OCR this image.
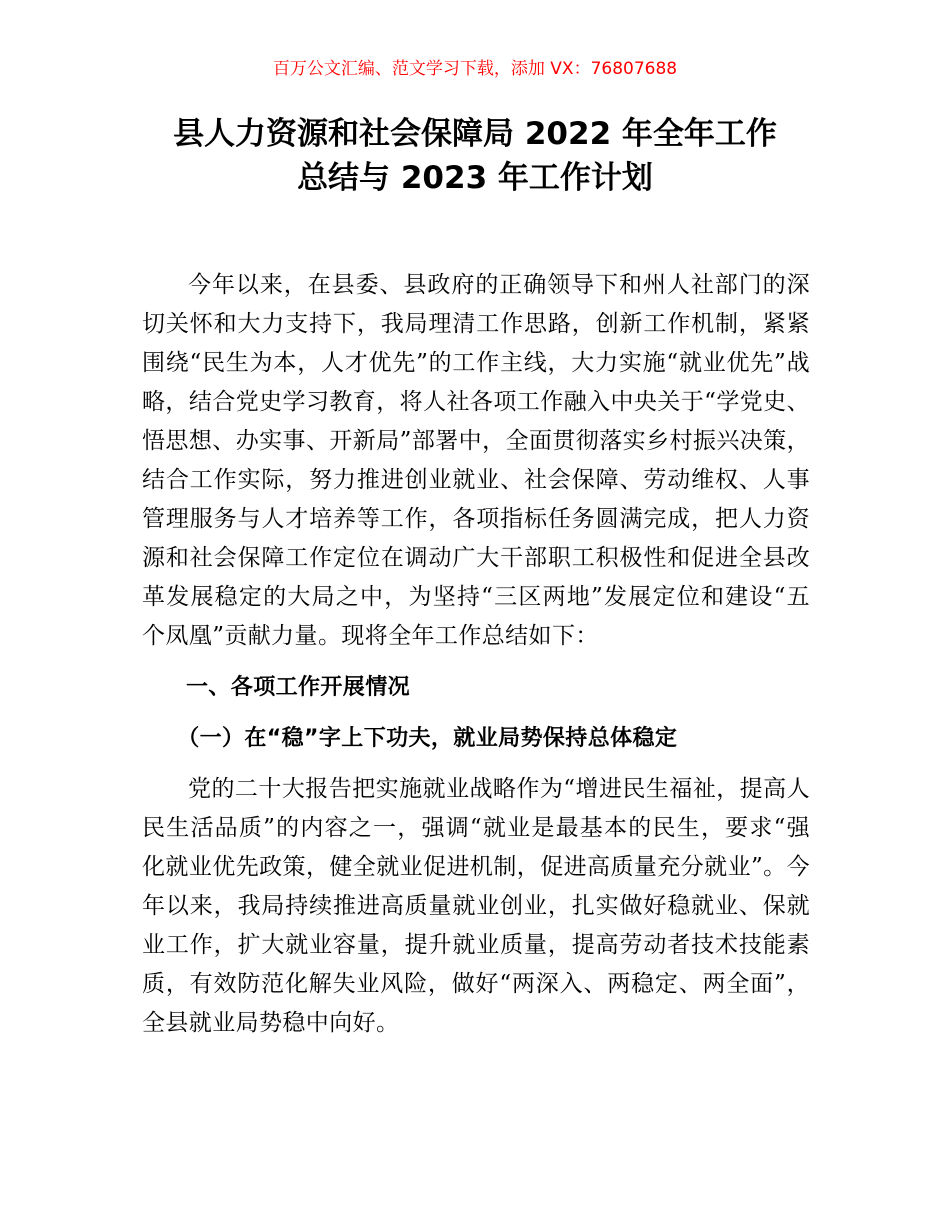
百万公文汇编、范文学习下载，添加 VX：76807688
县人力资源和社会保障局 2022 年全年工作
总结与 2023 年工作计划

今年以来，在县委、县政府的正确领导下和州人社部门的深切关怀和大力支持下，我局理清工作思路，创新工作机制，紧紧围绕“民生为本，人才优先”的工作主线，大力实施“就业优先”战略，结合党史学习教育，将人社各项工作融入中央关于“学党史、悟思想、办实事、开新局”部署中，全面贯彻落实乡村振兴决策，结合工作实际，努力推进创业就业、社会保障、劳动维权、人事管理服务与人才培养等工作，各项指标任务圆满完成，把人力资源和社会保障工作定位在调动广大干部职工积极性和促进全县改革发展稳定的大局之中，为坚持“三区两地”发展定位和建设“五个凤凰”贡献力量。现将全年工作总结如下：

一、各项工作开展情况

（一）在“稳”字上下功夫，就业局势保持总体稳定

党的二十大报告把实施就业战略作为“增进民生福祉，提高人民生活品质”的内容之一，强调“就业是最基本的民生，要求“强化就业优先政策，健全就业促进机制，促进高质量充分就业”。今年以来，我局持续推进高质量就业创业，扎实做好稳就业、保就业工作，扩大就业容量，提升就业质量，提高劳动者技术技能素质，有效防范化解失业风险，做好“两深入、两稳定、两全面”，全县就业局势稳中向好。
